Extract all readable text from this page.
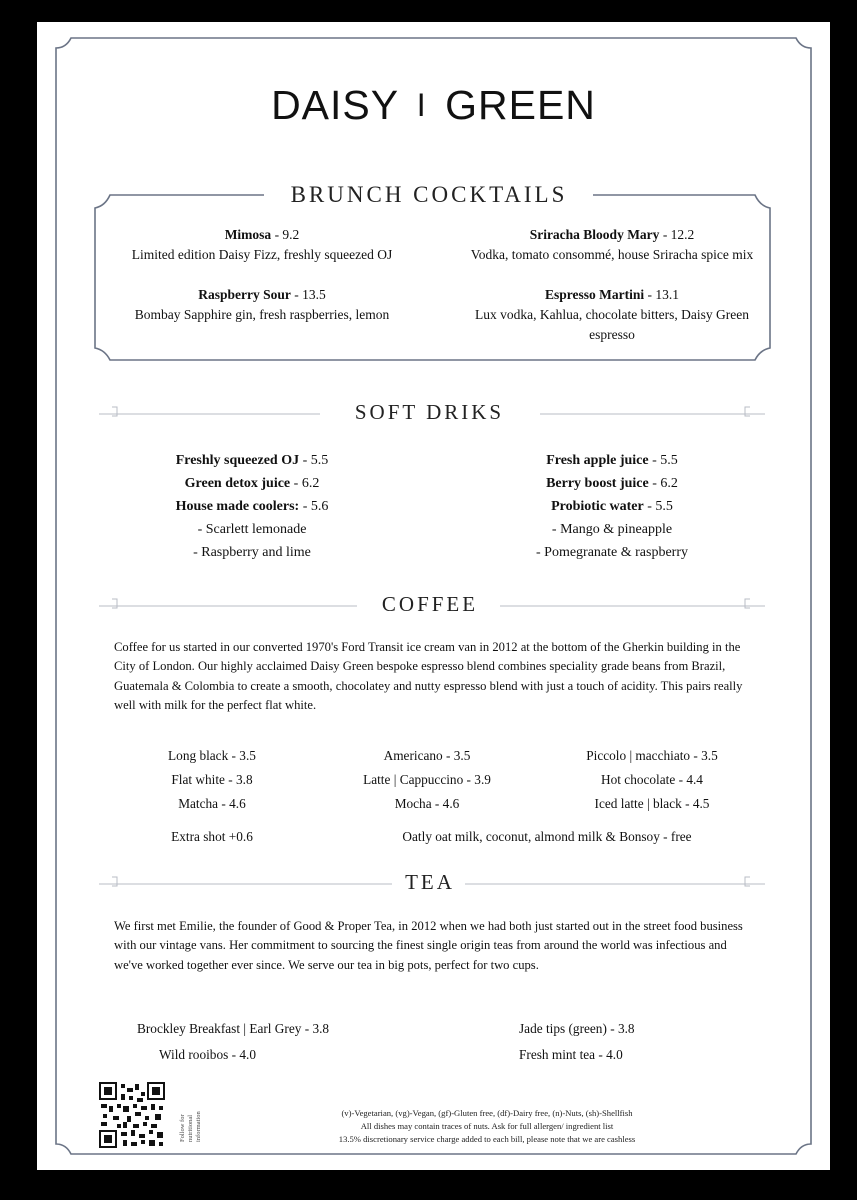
DAISY I GREEN
BRUNCH COCKTAILS
Mimosa - 9.2
Limited edition Daisy Fizz, freshly squeezed OJ
Sriracha Bloody Mary - 12.2
Vodka, tomato consommé, house Sriracha spice mix
Raspberry Sour - 13.5
Bombay Sapphire gin, fresh raspberries, lemon
Espresso Martini - 13.1
Lux vodka, Kahlua, chocolate bitters, Daisy Green espresso
SOFT DRIKS
Freshly squeezed OJ - 5.5
Green detox juice - 6.2
House made coolers: - 5.6
- Scarlett lemonade
- Raspberry and lime
Fresh apple juice - 5.5
Berry boost juice - 6.2
Probiotic water - 5.5
- Mango & pineapple
- Pomegranate & raspberry
COFFEE
Coffee for us started in our converted 1970's Ford Transit ice cream van in 2012 at the bottom of the Gherkin building in the City of London. Our highly acclaimed Daisy Green bespoke espresso blend combines speciality grade beans from Brazil, Guatemala & Colombia to create a smooth, chocolatey and nutty espresso blend with just a touch of acidity. This pairs really well with milk for the perfect flat white.
Long black - 3.5
Flat white - 3.8
Matcha - 4.6
Americano - 3.5
Latte | Cappuccino - 3.9
Mocha - 4.6
Piccolo | macchiato - 3.5
Hot chocolate - 4.4
Iced latte | black - 4.5
Extra shot +0.6	Oatly oat milk, coconut, almond milk & Bonsoy - free
TEA
We first met Emilie, the founder of Good & Proper Tea, in 2012 when we had both just started out in the street food business with our vintage vans. Her commitment to sourcing the finest single origin teas from around the world was infectious and we've worked together ever since. We serve our tea in big pots, perfect for two cups.
Brockley Breakfast | Earl Grey - 3.8
Wild rooibos - 4.0
Jade tips (green) - 3.8
Fresh mint tea - 4.0
Follow for nutritional information	(v)-Vegetarian, (vg)-Vegan, (gf)-Gluten free, (df)-Dairy free, (n)-Nuts, (sh)-Shellfish
All dishes may contain traces of nuts. Ask for full allergen/ ingredient list
13.5% discretionary service charge added to each bill, please note that we are cashless
